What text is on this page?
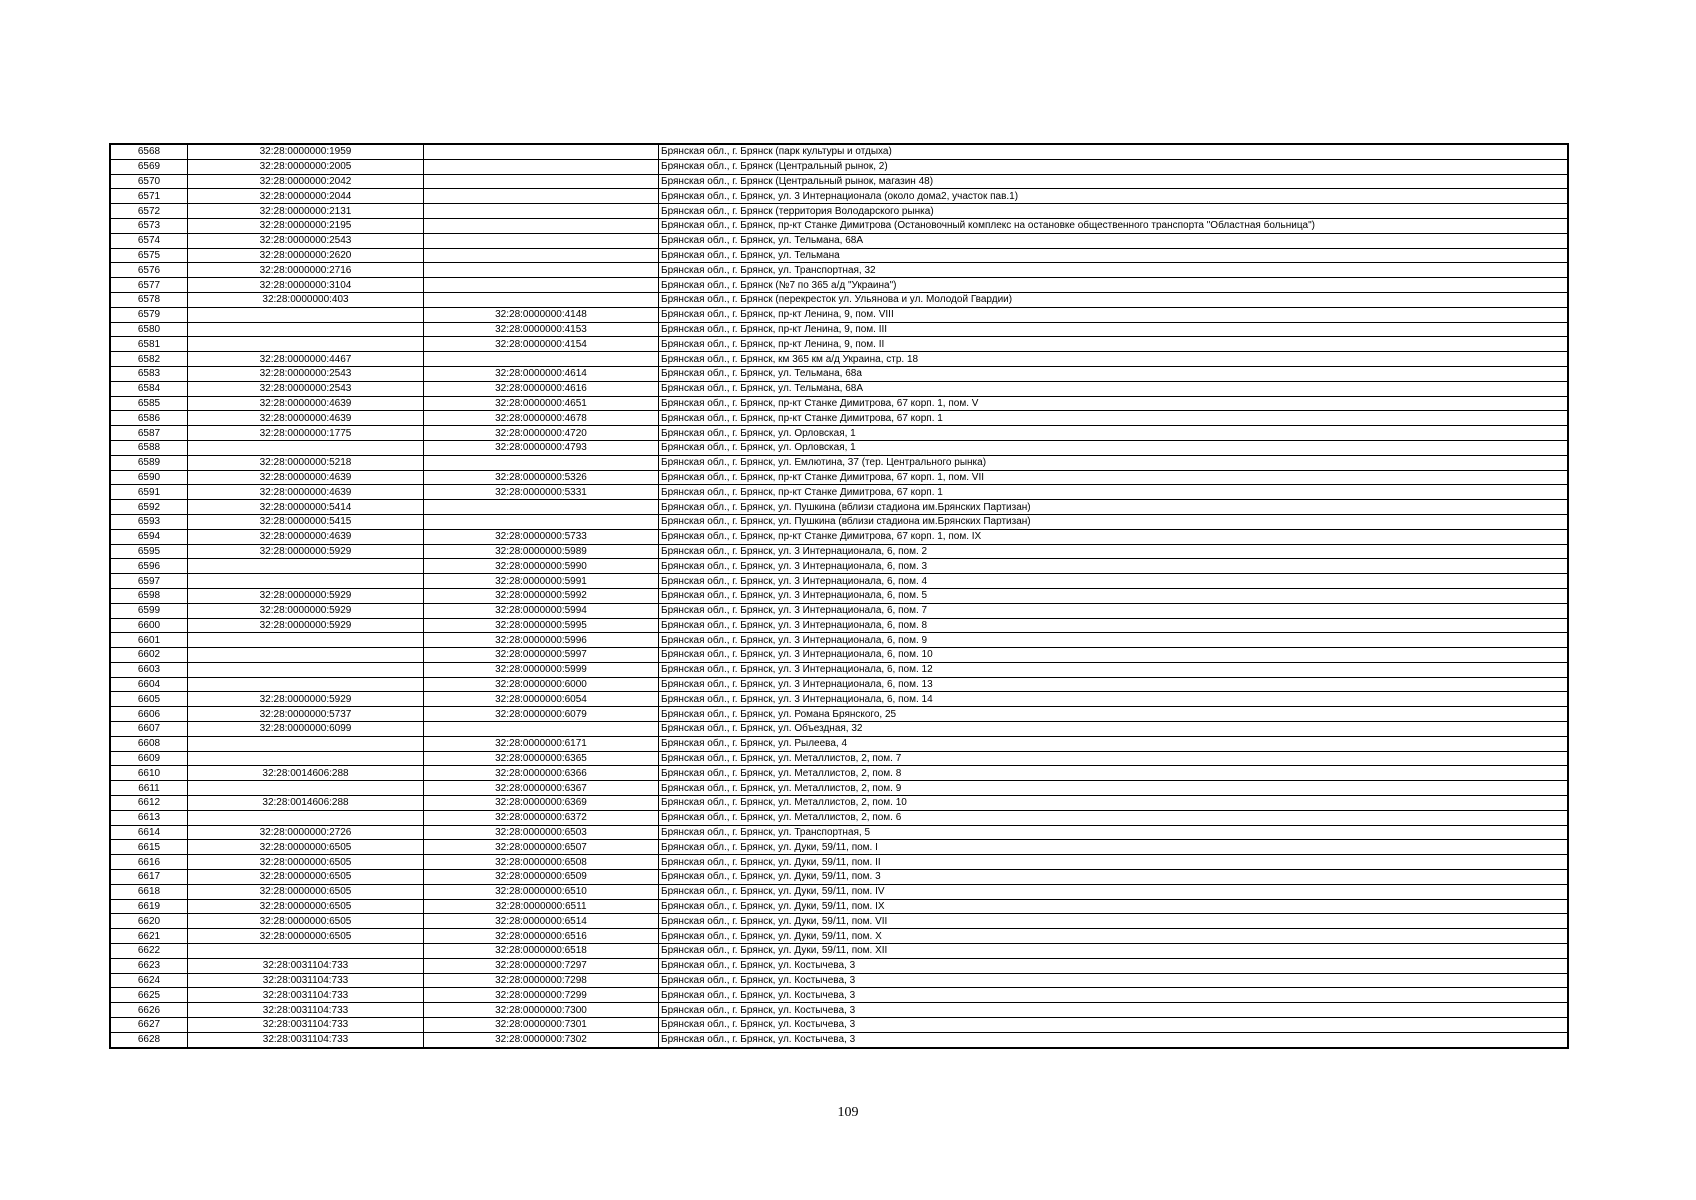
6568	32:28:0000000:1959		Брянская обл., г. Брянск (парк культуры и отдыха)
6569	32:28:0000000:2005		Брянская обл., г. Брянск (Центральный рынок, 2)
6570	32:28:0000000:2042		Брянская обл., г. Брянск (Центральный рынок, магазин 48)
6571	32:28:0000000:2044		Брянская обл., г. Брянск, ул. 3 Интернационала (около дома2, участок пав.1)
6572	32:28:0000000:2131		Брянская обл., г. Брянск (территория Володарского рынка)
6573	32:28:0000000:2195		Брянская обл., г. Брянск, пр-кт Станке Димитрова (Остановочный комплекс на остановке общественного транспорта "Областная больница")
6574	32:28:0000000:2543		Брянская обл., г. Брянск, ул. Тельмана, 68А
6575	32:28:0000000:2620		Брянская обл., г. Брянск, ул. Тельмана
6576	32:28:0000000:2716		Брянская обл., г. Брянск, ул. Транспортная, 32
6577	32:28:0000000:3104		Брянская обл., г. Брянск (№7 по 365 а/д "Украина")
6578	32:28:0000000:403		Брянская обл., г. Брянск (перекресток ул. Ульянова и ул. Молодой Гвардии)
6579		32:28:0000000:4148	Брянская обл., г. Брянск, пр-кт Ленина, 9, пом. VIII
6580		32:28:0000000:4153	Брянская обл., г. Брянск, пр-кт Ленина, 9, пом. III
6581		32:28:0000000:4154	Брянская обл., г. Брянск, пр-кт Ленина, 9, пом. II
6582	32:28:0000000:4467		Брянская обл., г. Брянск, км 365 км а/д Украина, стр. 18
6583	32:28:0000000:2543	32:28:0000000:4614	Брянская обл., г. Брянск, ул. Тельмана, 68а
6584	32:28:0000000:2543	32:28:0000000:4616	Брянская обл., г. Брянск, ул. Тельмана, 68А
6585	32:28:0000000:4639	32:28:0000000:4651	Брянская обл., г. Брянск, пр-кт Станке Димитрова, 67 корп. 1, пом. V
6586	32:28:0000000:4639	32:28:0000000:4678	Брянская обл., г. Брянск, пр-кт Станке Димитрова, 67 корп. 1
6587	32:28:0000000:1775	32:28:0000000:4720	Брянская обл., г. Брянск, ул. Орловская, 1
6588		32:28:0000000:4793	Брянская обл., г. Брянск, ул. Орловская, 1
6589	32:28:0000000:5218		Брянская обл., г. Брянск, ул. Емлютина, 37 (тер. Центрального рынка)
6590	32:28:0000000:4639	32:28:0000000:5326	Брянская обл., г. Брянск, пр-кт Станке Димитрова, 67 корп. 1, пом. VII
6591	32:28:0000000:4639	32:28:0000000:5331	Брянская обл., г. Брянск, пр-кт Станке Димитрова, 67 корп. 1
6592	32:28:0000000:5414		Брянская обл., г. Брянск, ул. Пушкина (вблизи стадиона им.Брянских Партизан)
6593	32:28:0000000:5415		Брянская обл., г. Брянск, ул. Пушкина (вблизи стадиона им.Брянских Партизан)
6594	32:28:0000000:4639	32:28:0000000:5733	Брянская обл., г. Брянск, пр-кт Станке Димитрова, 67 корп. 1, пом. IX
6595	32:28:0000000:5929	32:28:0000000:5989	Брянская обл., г. Брянск, ул. 3 Интернационала, 6, пом. 2
6596		32:28:0000000:5990	Брянская обл., г. Брянск, ул. 3 Интернационала, 6, пом. 3
6597		32:28:0000000:5991	Брянская обл., г. Брянск, ул. 3 Интернационала, 6, пом. 4
6598	32:28:0000000:5929	32:28:0000000:5992	Брянская обл., г. Брянск, ул. 3 Интернационала, 6, пом. 5
6599	32:28:0000000:5929	32:28:0000000:5994	Брянская обл., г. Брянск, ул. 3 Интернационала, 6, пом. 7
6600	32:28:0000000:5929	32:28:0000000:5995	Брянская обл., г. Брянск, ул. 3 Интернационала, 6, пом. 8
6601		32:28:0000000:5996	Брянская обл., г. Брянск, ул. 3 Интернационала, 6, пом. 9
6602		32:28:0000000:5997	Брянская обл., г. Брянск, ул. 3 Интернационала, 6, пом. 10
6603		32:28:0000000:5999	Брянская обл., г. Брянск, ул. 3 Интернационала, 6, пом. 12
6604		32:28:0000000:6000	Брянская обл., г. Брянск, ул. 3 Интернационала, 6, пом. 13
6605	32:28:0000000:5929	32:28:0000000:6054	Брянская обл., г. Брянск, ул. 3 Интернационала, 6, пом. 14
6606	32:28:0000000:5737	32:28:0000000:6079	Брянская обл., г. Брянск, ул. Романа Брянского, 25
6607	32:28:0000000:6099		Брянская обл., г. Брянск, ул. Объездная, 32
6608		32:28:0000000:6171	Брянская обл., г. Брянск, ул. Рылеева, 4
6609		32:28:0000000:6365	Брянская обл., г. Брянск, ул. Металлистов, 2, пом. 7
6610	32:28:0014606:288	32:28:0000000:6366	Брянская обл., г. Брянск, ул. Металлистов, 2, пом. 8
6611		32:28:0000000:6367	Брянская обл., г. Брянск, ул. Металлистов, 2, пом. 9
6612	32:28:0014606:288	32:28:0000000:6369	Брянская обл., г. Брянск, ул. Металлистов, 2, пом. 10
6613		32:28:0000000:6372	Брянская обл., г. Брянск, ул. Металлистов, 2, пом. 6
6614	32:28:0000000:2726	32:28:0000000:6503	Брянская обл., г. Брянск, ул. Транспортная, 5
6615	32:28:0000000:6505	32:28:0000000:6507	Брянская обл., г. Брянск, ул. Дуки, 59/11, пом. I
6616	32:28:0000000:6505	32:28:0000000:6508	Брянская обл., г. Брянск, ул. Дуки, 59/11, пом. II
6617	32:28:0000000:6505	32:28:0000000:6509	Брянская обл., г. Брянск, ул. Дуки, 59/11, пом. 3
6618	32:28:0000000:6505	32:28:0000000:6510	Брянская обл., г. Брянск, ул. Дуки, 59/11, пом. IV
6619	32:28:0000000:6505	32:28:0000000:6511	Брянская обл., г. Брянск, ул. Дуки, 59/11, пом. IX
6620	32:28:0000000:6505	32:28:0000000:6514	Брянская обл., г. Брянск, ул. Дуки, 59/11, пом. VII
6621	32:28:0000000:6505	32:28:0000000:6516	Брянская обл., г. Брянск, ул. Дуки, 59/11, пом. X
6622		32:28:0000000:6518	Брянская обл., г. Брянск, ул. Дуки, 59/11, пом. XII
6623	32:28:0031104:733	32:28:0000000:7297	Брянская обл., г. Брянск, ул. Костычева, 3
6624	32:28:0031104:733	32:28:0000000:7298	Брянская обл., г. Брянск, ул. Костычева, 3
6625	32:28:0031104:733	32:28:0000000:7299	Брянская обл., г. Брянск, ул. Костычева, 3
6626	32:28:0031104:733	32:28:0000000:7300	Брянская обл., г. Брянск, ул. Костычева, 3
6627	32:28:0031104:733	32:28:0000000:7301	Брянская обл., г. Брянск, ул. Костычева, 3
6628	32:28:0031104:733	32:28:0000000:7302	Брянская обл., г. Брянск, ул. Костычева, 3
109
